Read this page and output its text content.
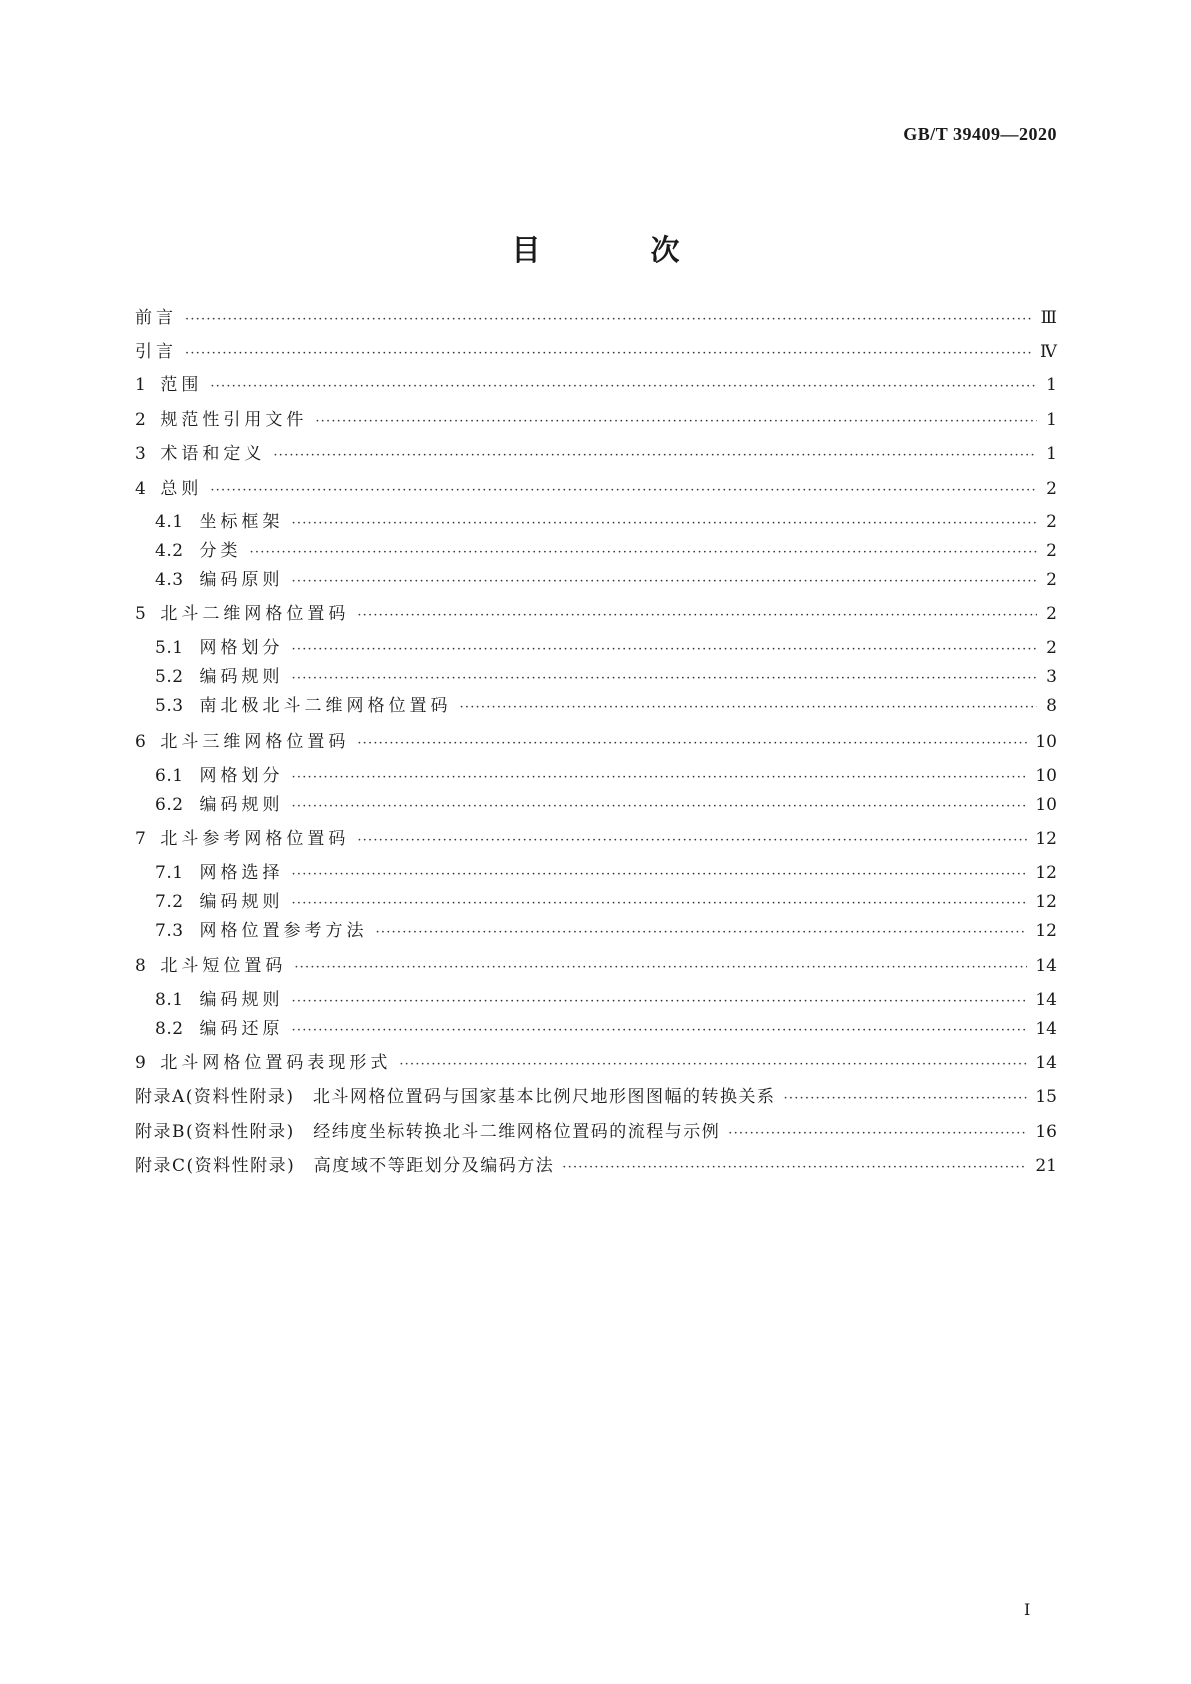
GB/T 39409—2020
目 次
前言 ·····	Ⅲ
引言 ·····	Ⅳ
1 范围 ·····	1
2 规范性引用文件 ·····	1
3 术语和定义 ·····	1
4 总则 ·····	2
4.1 坐标框架 ·····	2
4.2 分类 ·····	2
4.3 编码原则 ·····	2
5 北斗二维网格位置码 ·····	2
5.1 网格划分 ·····	2
5.2 编码规则 ·····	3
5.3 南北极北斗二维网格位置码 ·····	8
6 北斗三维网格位置码 ·····	10
6.1 网格划分 ·····	10
6.2 编码规则 ·····	10
7 北斗参考网格位置码 ·····	12
7.1 网格选择 ·····	12
7.2 编码规则 ·····	12
7.3 网格位置参考方法 ·····	12
8 北斗短位置码 ·····	14
8.1 编码规则 ·····	14
8.2 编码还原 ·····	14
9 北斗网格位置码表现形式 ·····	14
附录A(资料性附录)　北斗网格位置码与国家基本比例尺地形图图幅的转换关系 ·····	15
附录B(资料性附录)　经纬度坐标转换北斗二维网格位置码的流程与示例 ·····	16
附录C(资料性附录)　高度域不等距划分及编码方法 ·····	21
I
